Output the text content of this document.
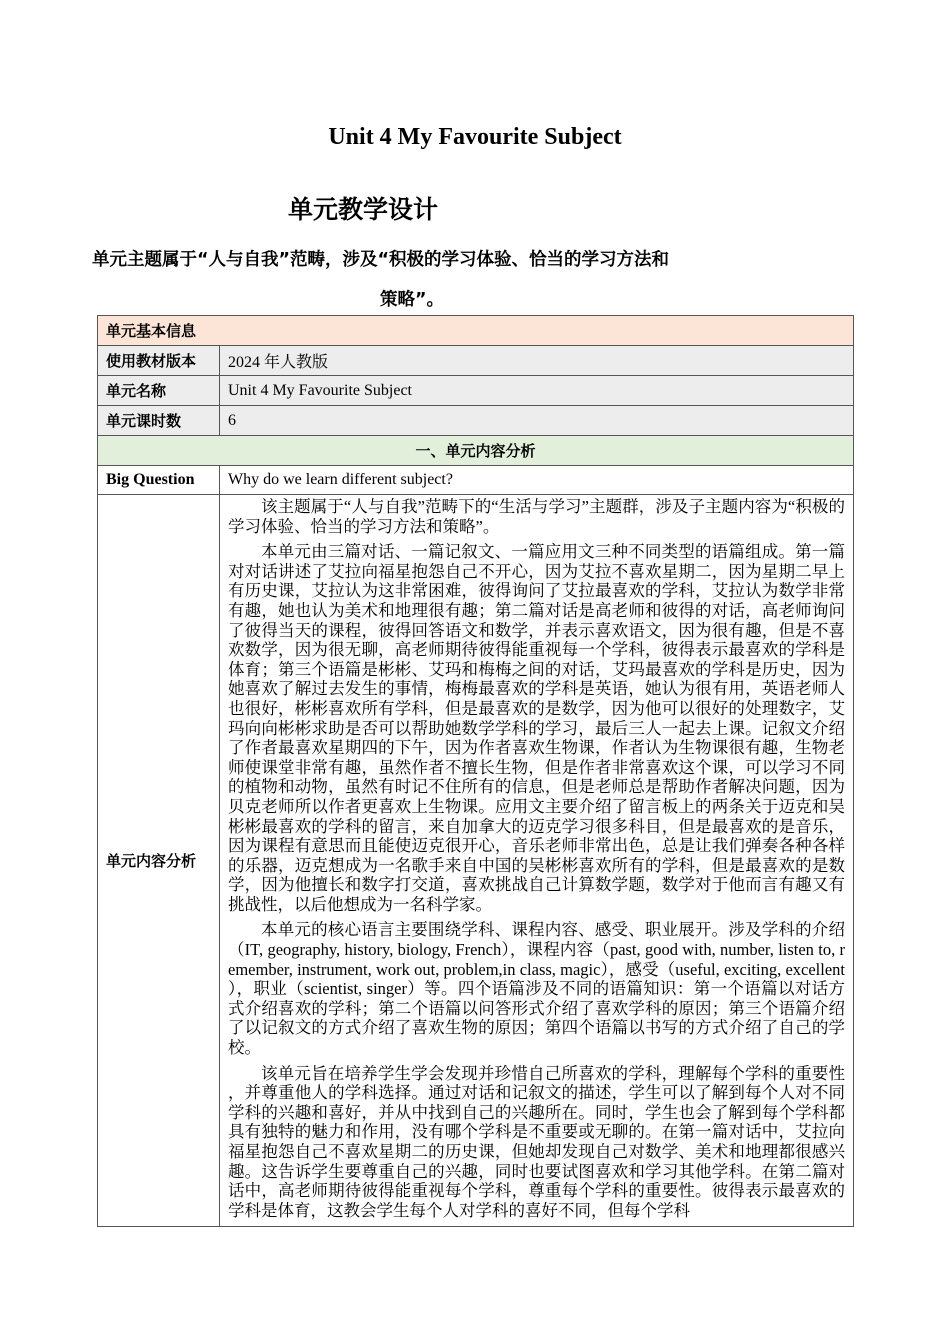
Unit 4 My Favourite Subject
单元教学设计
单元主题属于“人与自我”范畴，涉及“积极的学习体验、恰当的学习方法和
策略”。
单元基本信息	
使用教材版本	2024 年人教版
单元名称	Unit 4 My Favourite Subject
单元课时数	6
一、单元内容分析	
Big Question	Why do we learn different subject?
单元内容分析	该主题属于“人与自我”范畴下的“生活与学习”主题群，涉及子主题内容为“积极的学习体验、恰当的学习方法和策略”。

本单元由三篇对话、一篇记叙文、一篇应用文三种不同类型的语篇组成。第一篇对对话讲述了艾拉向福星抱怨自己不开心，因为艾拉不喜欢星期二，因为星期二早上有历史课，艾拉认为这非常困难，彼得询问了艾拉最喜欢的学科，艾拉认为数学非常有趣，她也认为美术和地理很有趣；第二篇对话是高老师和彼得的对话，高老师询问了彼得当天的课程，彼得回答语文和数学，并表示喜欢语文，因为很有趣，但是不喜欢数学，因为很无聊，高老师期待彼得能重视每一个学科，彼得表示最喜欢的学科是体育；第三个语篇是彬彬、艾玛和梅梅之间的对话，艾玛最喜欢的学科是历史，因为她喜欢了解过去发生的事情，梅梅最喜欢的学科是英语，她认为很有用，英语老师人也很好，彬彬喜欢所有学科，但是最喜欢的是数学，因为他可以很好的处理数字，艾玛向向彬彬求助是否可以帮助她数学学科的学习，最后三人一起去上课。记叙文介绍了作者最喜欢星期四的下午，因为作者喜欢生物课，作者认为生物课很有趣，生物老师使课堂非常有趣，虽然作者不擅长生物，但是作者非常喜欢这个课，可以学习不同的植物和动物，虽然有时记不住所有的信息，但是老师总是帮助作者解决问题，因为贝克老师所以作者更喜欢上生物课。应用文主要介绍了留言板上的两条关于迈克和吴彬彬最喜欢的学科的留言，来自加拿大的迈克学习很多科目，但是最喜欢的是音乐，因为课程有意思而且能使迈克很开心，音乐老师非常出色，总是让我们弹奏各种各样的乐器，迈克想成为一名歌手来自中国的吴彬彬喜欢所有的学科，但是最喜欢的是数学，因为他擅长和数字打交道，喜欢挑战自己计算数学题，数学对于他而言有趣又有挑战性，以后他想成为一名科学家。

本单元的核心语言主要围绕学科、课程内容、感受、职业展开。涉及学科的介绍（IT, geography, history, biology, French），课程内容（past, good with, number, listen to, remember, instrument, work out, problem,in class, magic），感受（useful, exciting, excellent），职业（scientist, singer）等。四个语篇涉及不同的语篇知识：第一个语篇以对话方式介绍喜欢的学科；第二个语篇以问答形式介绍了喜欢学科的原因；第三个语篇介绍了以记叙文的方式介绍了喜欢生物的原因；第四个语篇以书写的方式介绍了自己的学校。

该单元旨在培养学生学会发现并珍惜自己所喜欢的学科，理解每个学科的重要性，并尊重他人的学科选择。通过对话和记叙文的描述，学生可以了解到每个人对不同学科的兴趣和喜好，并从中找到自己的兴趣所在。同时，学生也会了解到每个学科都具有独特的魅力和作用，没有哪个学科是不重要或无聊的。在第一篇对话中，艾拉向福星抱怨自己不喜欢星期二的历史课，但她却发现自己对数学、美术和地理都很感兴趣。这告诉学生要尊重自己的兴趣，同时也要试图喜欢和学习其他学科。在第二篇对话中，高老师期待彼得能重视每个学科，尊重每个学科的重要性。彼得表示最喜欢的学科是体育，这教会学生每个人对学科的喜好不同，但每个学科
